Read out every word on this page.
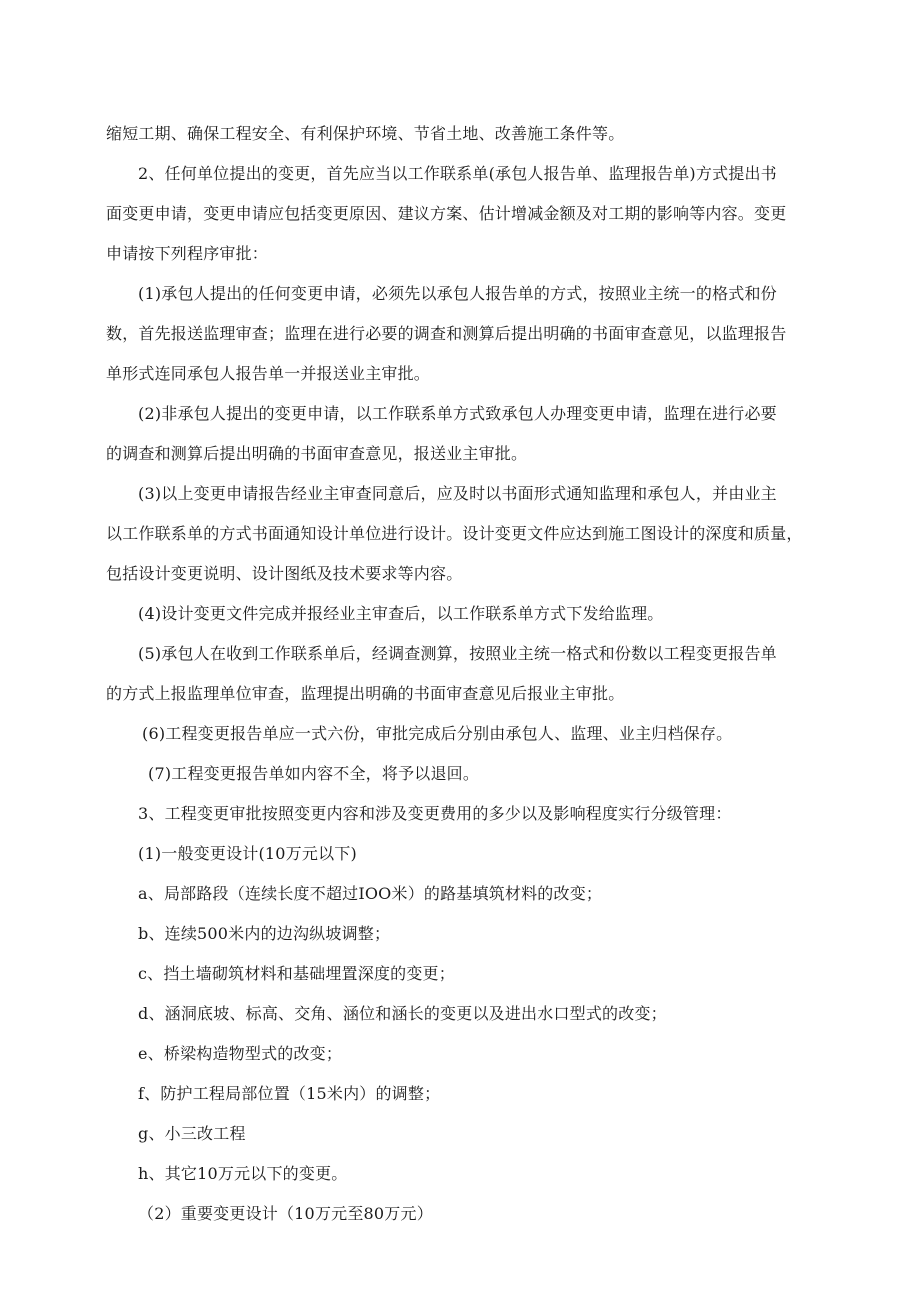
缩短工期、确保工程安全、有利保护环境、节省土地、改善施工条件等。
2、任何单位提出的变更，首先应当以工作联系单(承包人报告单、监理报告单)方式提出书
面变更申请，变更申请应包括变更原因、建议方案、估计增减金额及对工期的影响等内容。变更
申请按下列程序审批：
(1)承包人提出的任何变更申请，必须先以承包人报告单的方式，按照业主统一的格式和份
数，首先报送监理审查；监理在进行必要的调查和测算后提出明确的书面审查意见，以监理报告
单形式连同承包人报告单一并报送业主审批。
(2)非承包人提出的变更申请，以工作联系单方式致承包人办理变更申请，监理在进行必要
的调查和测算后提出明确的书面审查意见，报送业主审批。
(3)以上变更申请报告经业主审查同意后，应及时以书面形式通知监理和承包人，并由业主
以工作联系单的方式书面通知设计单位进行设计。设计变更文件应达到施工图设计的深度和质量，
包括设计变更说明、设计图纸及技术要求等内容。
(4)设计变更文件完成并报经业主审查后，以工作联系单方式下发给监理。
(5)承包人在收到工作联系单后，经调查测算，按照业主统一格式和份数以工程变更报告单
的方式上报监理单位审查，监理提出明确的书面审查意见后报业主审批。
(6)工程变更报告单应一式六份，审批完成后分别由承包人、监理、业主归档保存。
(7)工程变更报告单如内容不全，将予以退回。
3、工程变更审批按照变更内容和涉及变更费用的多少以及影响程度实行分级管理：
(1)一般变更设计(10万元以下)
a、局部路段（连续长度不超过IOO米）的路基填筑材料的改变；
b、连续500米内的边沟纵坡调整；
c、挡土墙砌筑材料和基础埋置深度的变更；
d、涵洞底坡、标高、交角、涵位和涵长的变更以及进出水口型式的改变；
e、桥梁构造物型式的改变；
f、防护工程局部位置（15米内）的调整；
g、小三改工程
h、其它10万元以下的变更。
（2）重要变更设计（10万元至80万元）
